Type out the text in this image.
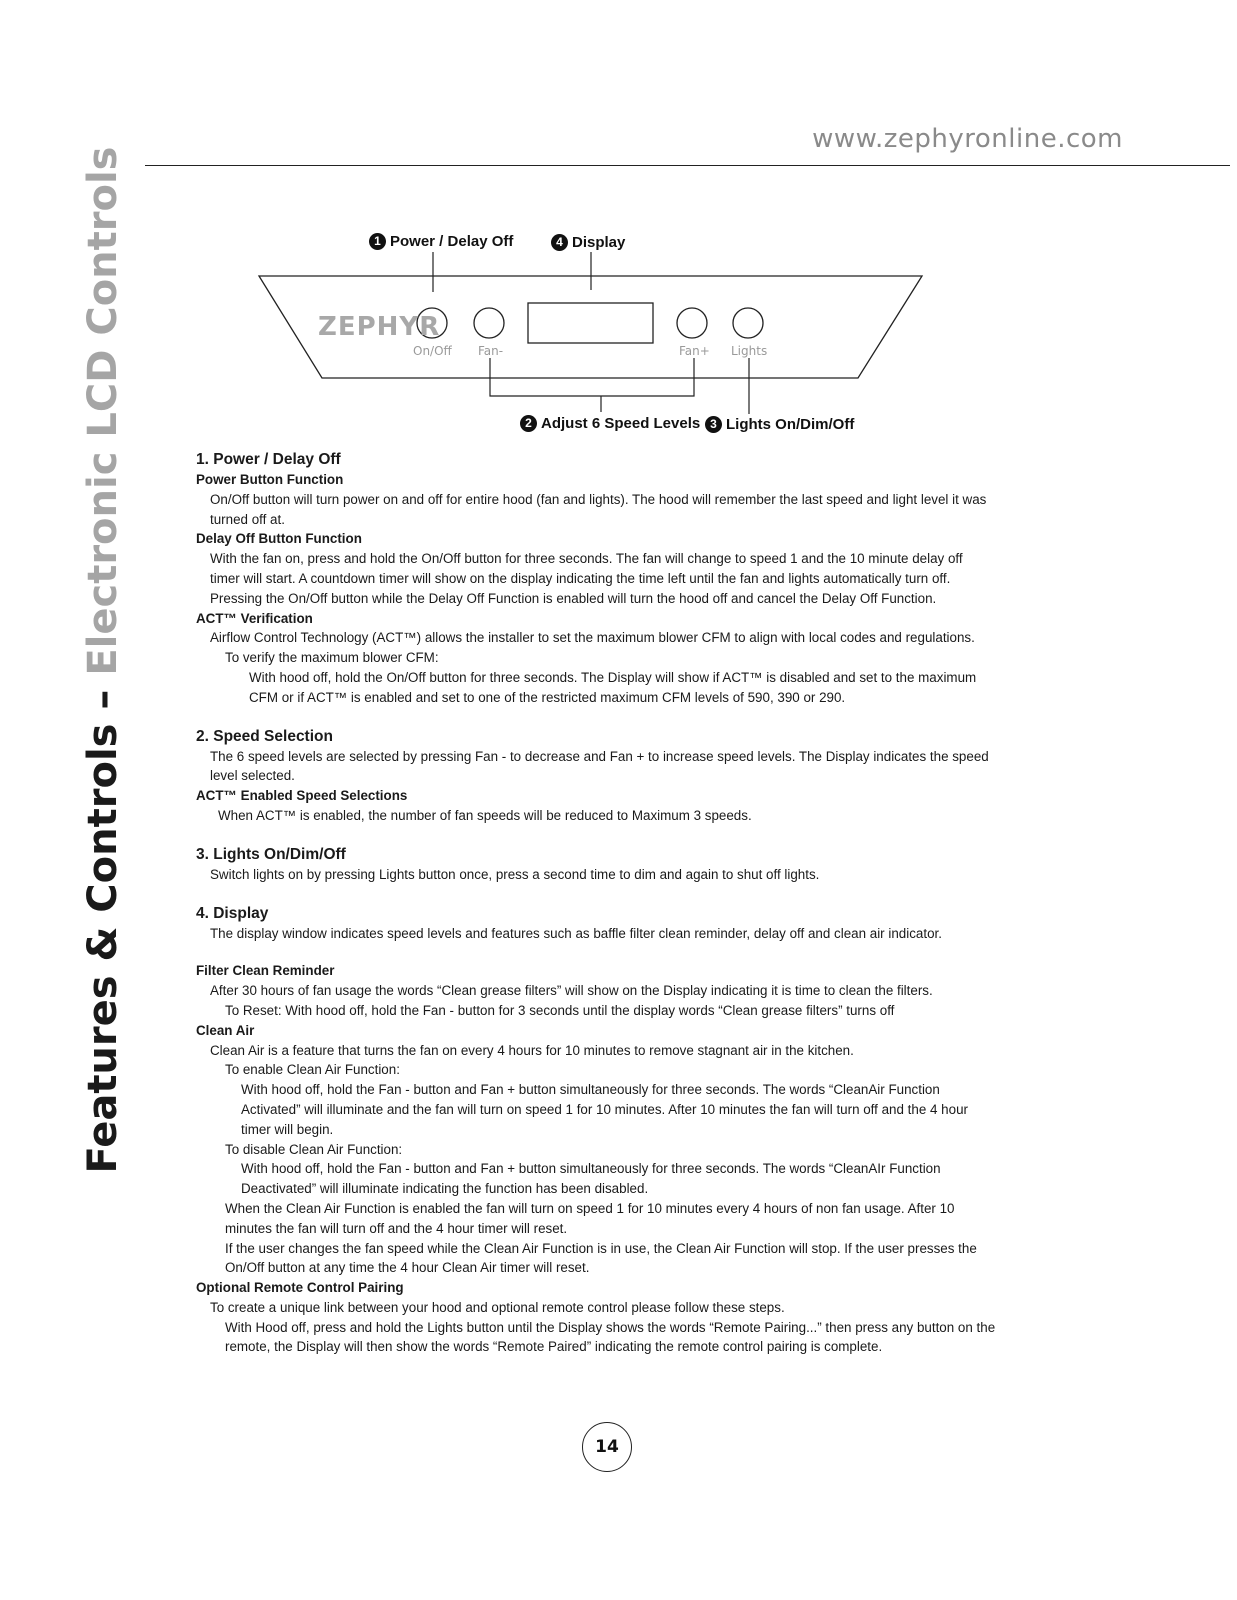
www.zephyronline.com
Features & Controls – Electronic LCD Controls	ZEPHYR
On/Off Fan-	Fan+ Lights
1 Power / Delay Off	4 Display
2 Adjust 6 Speed Levels 3 Lights On/Dim/Off
1. Power / Delay Off
Power Button Function

On/Off button will turn power on and off for entire hood (fan and lights). The hood will remember the last speed and light level it was turned off at.

Delay Off Button Function

With the fan on, press and hold the On/Off button for three seconds. The fan will change to speed 1 and the 10 minute delay off timer will start. A countdown timer will show on the display indicating the time left until the fan and lights automatically turn off. Pressing the On/Off button while the Delay Off Function is enabled will turn the hood off and cancel the Delay Off Function.

ACT™ Verification

Airflow Control Technology (ACT™) allows the installer to set the maximum blower CFM to align with local codes and regulations.

To verify the maximum blower CFM:

With hood off, hold the On/Off button for three seconds. The Display will show if ACT™ is disabled and set to the maximum CFM or if ACT™ is enabled and set to one of the restricted maximum CFM levels of 590, 390 or 290.

2. Speed Selection

The 6 speed levels are selected by pressing Fan - to decrease and Fan + to increase speed levels. The Display indicates the speed level selected.

ACT™ Enabled Speed Selections

When ACT™ is enabled, the number of fan speeds will be reduced to Maximum 3 speeds.

3. Lights On/Dim/Off

Switch lights on by pressing Lights button once, press a second time to dim and again to shut off lights.

4. Display

The display window indicates speed levels and features such as baffle filter clean reminder, delay off and clean air indicator.

Filter Clean Reminder

After 30 hours of fan usage the words “Clean grease filters” will show on the Display indicating it is time to clean the filters.

To Reset: With hood off, hold the Fan - button for 3 seconds until the display words “Clean grease filters” turns off

Clean Air

Clean Air is a feature that turns the fan on every 4 hours for 10 minutes to remove stagnant air in the kitchen.

To enable Clean Air Function:

With hood off, hold the Fan - button and Fan + button simultaneously for three seconds. The words “CleanAir Function Activated” will illuminate and the fan will turn on speed 1 for 10 minutes. After 10 minutes the fan will turn off and the 4 hour timer will begin.

To disable Clean Air Function:

With hood off, hold the Fan - button and Fan + button simultaneously for three seconds. The words “CleanAIr Function Deactivated” will illuminate indicating the function has been disabled.

When the Clean Air Function is enabled the fan will turn on speed 1 for 10 minutes every 4 hours of non fan usage. After 10 minutes the fan will turn off and the 4 hour timer will reset.

If the user changes the fan speed while the Clean Air Function is in use, the Clean Air Function will stop. If the user presses the On/Off button at any time the 4 hour Clean Air timer will reset.

Optional Remote Control Pairing

To create a unique link between your hood and optional remote control please follow these steps.

With Hood off, press and hold the Lights button until the Display shows the words “Remote Pairing...” then press any button on the remote, the Display will then show the words “Remote Paired” indicating the remote control pairing is complete.

14
